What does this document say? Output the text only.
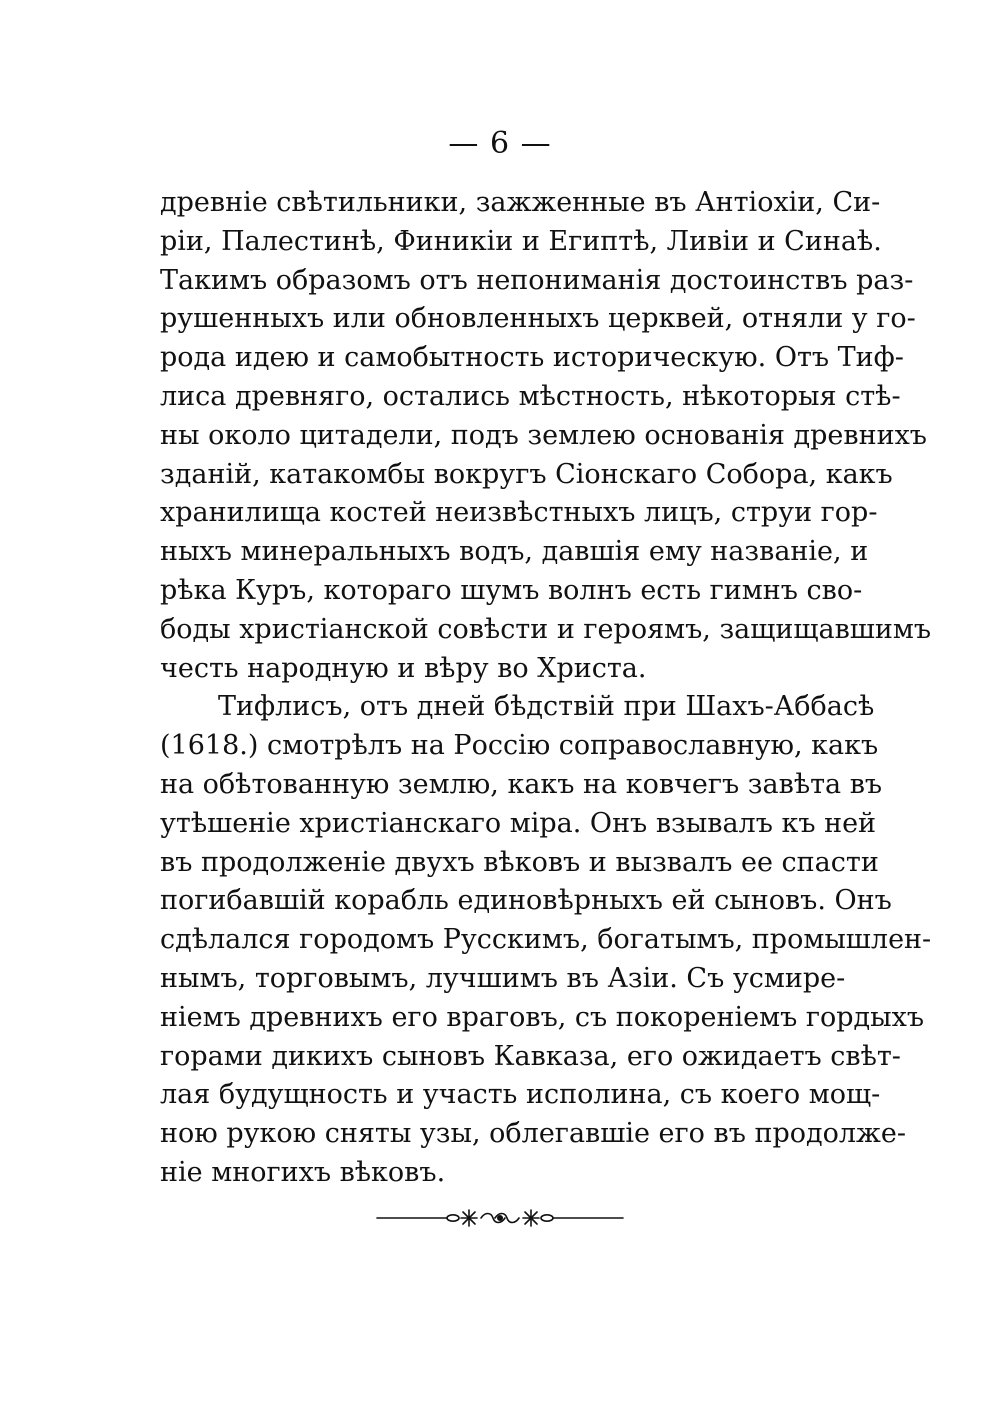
— 6 —
древніе свѣтильники, зажженные въ Антіохіи, Си-
ріи, Палестинѣ, Финикіи и Египтѣ, Ливіи и Синаѣ.
Такимъ образомъ отъ непониманія достоинствъ раз-
рушенныхъ или обновленныхъ церквей, отняли у го-
рода идею и самобытность историческую. Отъ Тиф-
лиса древняго, остались мѣстность, нѣкоторыя стѣ-
ны около цитадели, подъ землею основанія древнихъ
зданій, катакомбы вокругъ Сіонскаго Собора, какъ
хранилища костей неизвѣстныхъ лицъ, струи гор-
ныхъ минеральныхъ водъ, давшія ему названіе, и
рѣка Куръ, котораго шумъ волнъ есть гимнъ сво-
боды христіанской совѣсти и героямъ, защищавшимъ
честь народную и вѣру во Христа.
Тифлисъ, отъ дней бѣдствій при Шахъ-Аббасѣ
(1618.) смотрѣлъ на Россію соправославную, какъ
на обѣтованную землю, какъ на ковчегъ завѣта въ
утѣшеніе христіанскаго міра. Онъ взывалъ къ ней
въ продолженіе двухъ вѣковъ и вызвалъ ее спасти
погибавшій корабль единовѣрныхъ ей сыновъ. Онъ
сдѣлался городомъ Русскимъ, богатымъ, промышлен-
нымъ, торговымъ, лучшимъ въ Азіи. Съ усмире-
ніемъ древнихъ его враговъ, съ покореніемъ гордыхъ
горами дикихъ сыновъ Кавказа, его ожидаетъ свѣт-
лая будущность и участь исполина, съ коего мощ-
ною рукою сняты узы, облегавшіе его въ продолже-
ніе многихъ вѣковъ.
